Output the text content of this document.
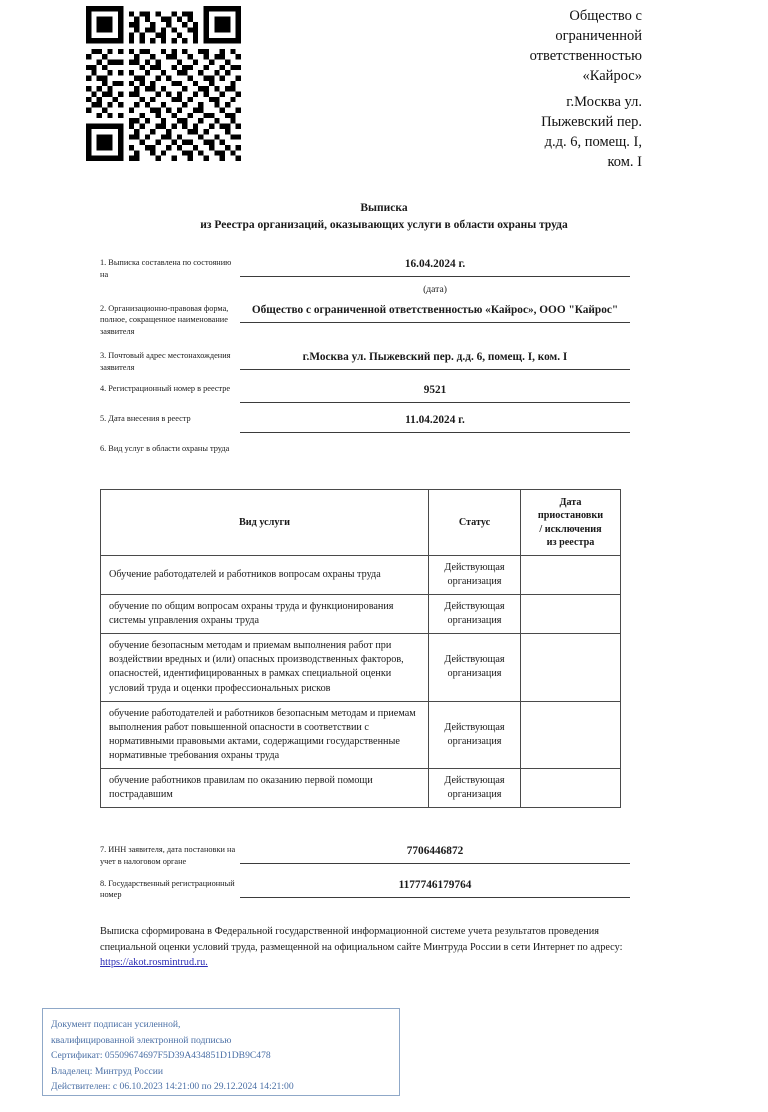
Общество с
ограниченной
ответственностью
«Кайрос»
г.Москва ул.
Пыжевский пер.
д.д. 6, помещ. I,
ком. I
Выписка
из Реестра организаций, оказывающих услуги в области охраны труда
1. Выписка составлена по состоянию на
16.04.2024 г.
(дата)
2. Организационно-правовая форма, полное, сокращенное наименование заявителя
Общество с ограниченной ответственностью «Кайрос», ООО "Кайрос"
3. Почтовый адрес местонахождения заявителя
г.Москва ул. Пыжевский пер. д.д. 6, помещ. I, ком. I
4. Регистрационный номер в реестре	9521
5. Дата внесения в реестр	11.04.2024 г.
6. Вид услуг в области охраны труда
Вид услуги	Статус	Дата
приостановки
/ исключения
из реестра

Обучение работодателей и работников вопросам охраны труда	Действующая организация	
обучение по общим вопросам охраны труда и функционирования системы управления охраны труда	Действующая организация	
обучение безопасным методам и приемам выполнения работ при воздействии вредных и (или) опасных производственных факторов, опасностей, идентифицированных в рамках специальной оценки условий труда и оценки профессиональных рисков	Действующая организация	
обучение работодателей и работников безопасным методам и приемам выполнения работ повышенной опасности в соответствии с нормативными правовыми актами, содержащими государственные нормативные требования охраны труда	Действующая организация	
обучение работников правилам по оказанию первой помощи пострадавшим	Действующая организация	
7. ИНН заявителя, дата постановки на учет в налоговом органе
7706446872
8. Государственный регистрационный номер
1177746179764
Выписка сформирована в Федеральной государственной информационной системе учета результатов проведения специальной оценки условий труда, размещенной на официальном сайте Минтруда России в сети Интернет по адресу: https://akot.rosmintrud.ru.
Документ подписан усиленной,
квалифицированной электронной подписью
Сертификат: 05509674697F5D39A434851D1DB9C478
Владелец: Минтруд России
Действителен: с 06.10.2023 14:21:00 по 29.12.2024 14:21:00
